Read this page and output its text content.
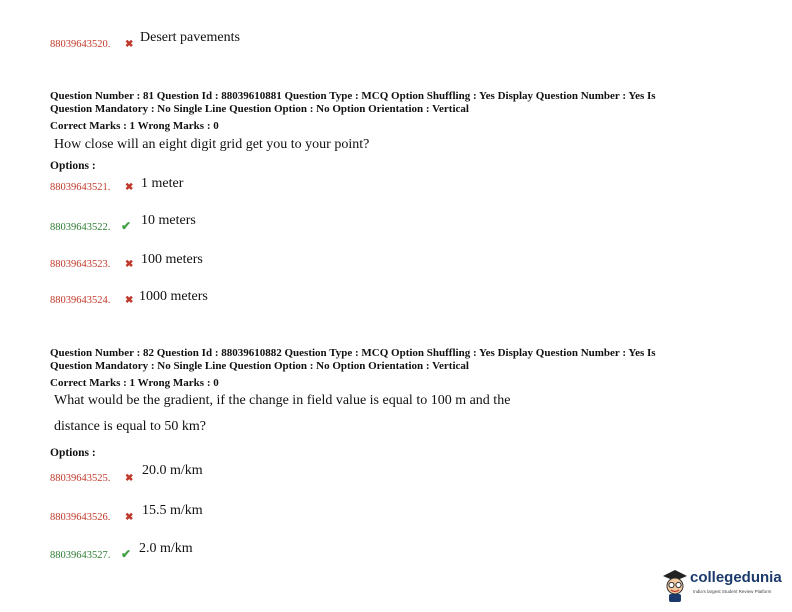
88039643520. ✖ Desert pavements
Question Number : 81 Question Id : 88039610881 Question Type : MCQ Option Shuffling : Yes Display Question Number : Yes Is
Question Mandatory : No Single Line Question Option : No Option Orientation : Vertical
Correct Marks : 1 Wrong Marks : 0
How close will an eight digit grid get you to your point?
Options :
88039643521. ✖ 1 meter
88039643522. ✔ 10 meters
88039643523. ✖ 100 meters
88039643524. ✖ 1000 meters
Question Number : 82 Question Id : 88039610882 Question Type : MCQ Option Shuffling : Yes Display Question Number : Yes Is
Question Mandatory : No Single Line Question Option : No Option Orientation : Vertical
Correct Marks : 1 Wrong Marks : 0
What would be the gradient, if the change in field value is equal to 100 m and the
distance is equal to 50 km?
Options :
88039643525. ✖
20.0 m/km
88039643526. ✖ 15.5 m/km
88039643527. ✔ 2.0 m/km
collegedunia
India's largest Student Review Platform
